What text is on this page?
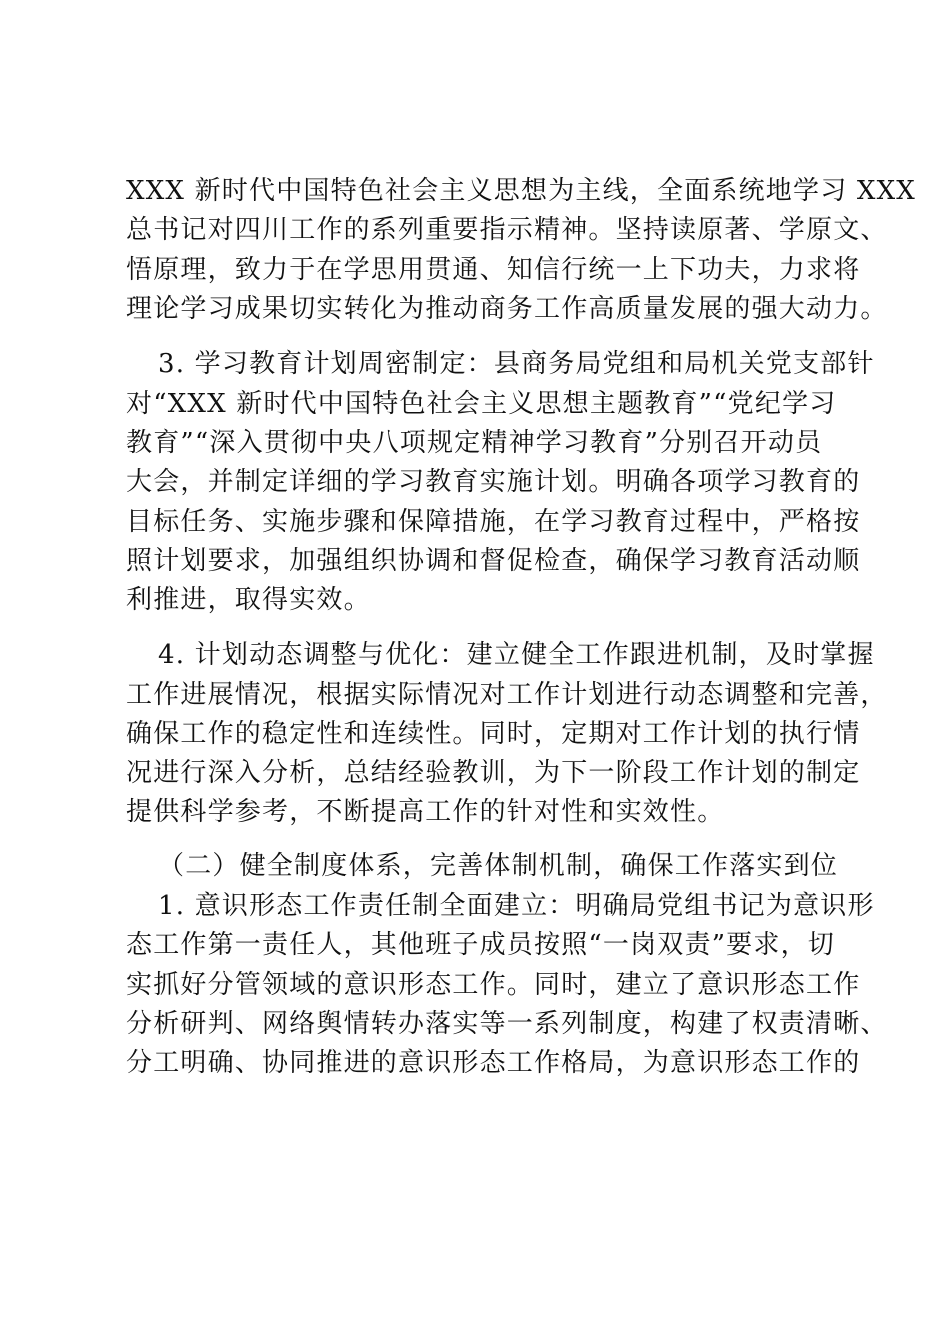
XXX 新时代中国特色社会主义思想为主线，全面系统地学习 XXX
总书记对四川工作的系列重要指示精神。坚持读原著、学原文、
悟原理，致力于在学思用贯通、知信行统一上下功夫，力求将
理论学习成果切实转化为推动商务工作高质量发展的强大动力。
3. 学习教育计划周密制定：县商务局党组和局机关党支部针
对“XXX 新时代中国特色社会主义思想主题教育”“党纪学习
教育”“深入贯彻中央八项规定精神学习教育”分别召开动员
大会，并制定详细的学习教育实施计划。明确各项学习教育的
目标任务、实施步骤和保障措施，在学习教育过程中，严格按
照计划要求，加强组织协调和督促检查，确保学习教育活动顺
利推进，取得实效。
4. 计划动态调整与优化：建立健全工作跟进机制，及时掌握
工作进展情况，根据实际情况对工作计划进行动态调整和完善，
确保工作的稳定性和连续性。同时，定期对工作计划的执行情
况进行深入分析，总结经验教训，为下一阶段工作计划的制定
提供科学参考，不断提高工作的针对性和实效性。
（二）健全制度体系，完善体制机制，确保工作落实到位
1. 意识形态工作责任制全面建立：明确局党组书记为意识形
态工作第一责任人，其他班子成员按照“一岗双责”要求，切
实抓好分管领域的意识形态工作。同时，建立了意识形态工作
分析研判、网络舆情转办落实等一系列制度，构建了权责清晰、
分工明确、协同推进的意识形态工作格局，为意识形态工作的
